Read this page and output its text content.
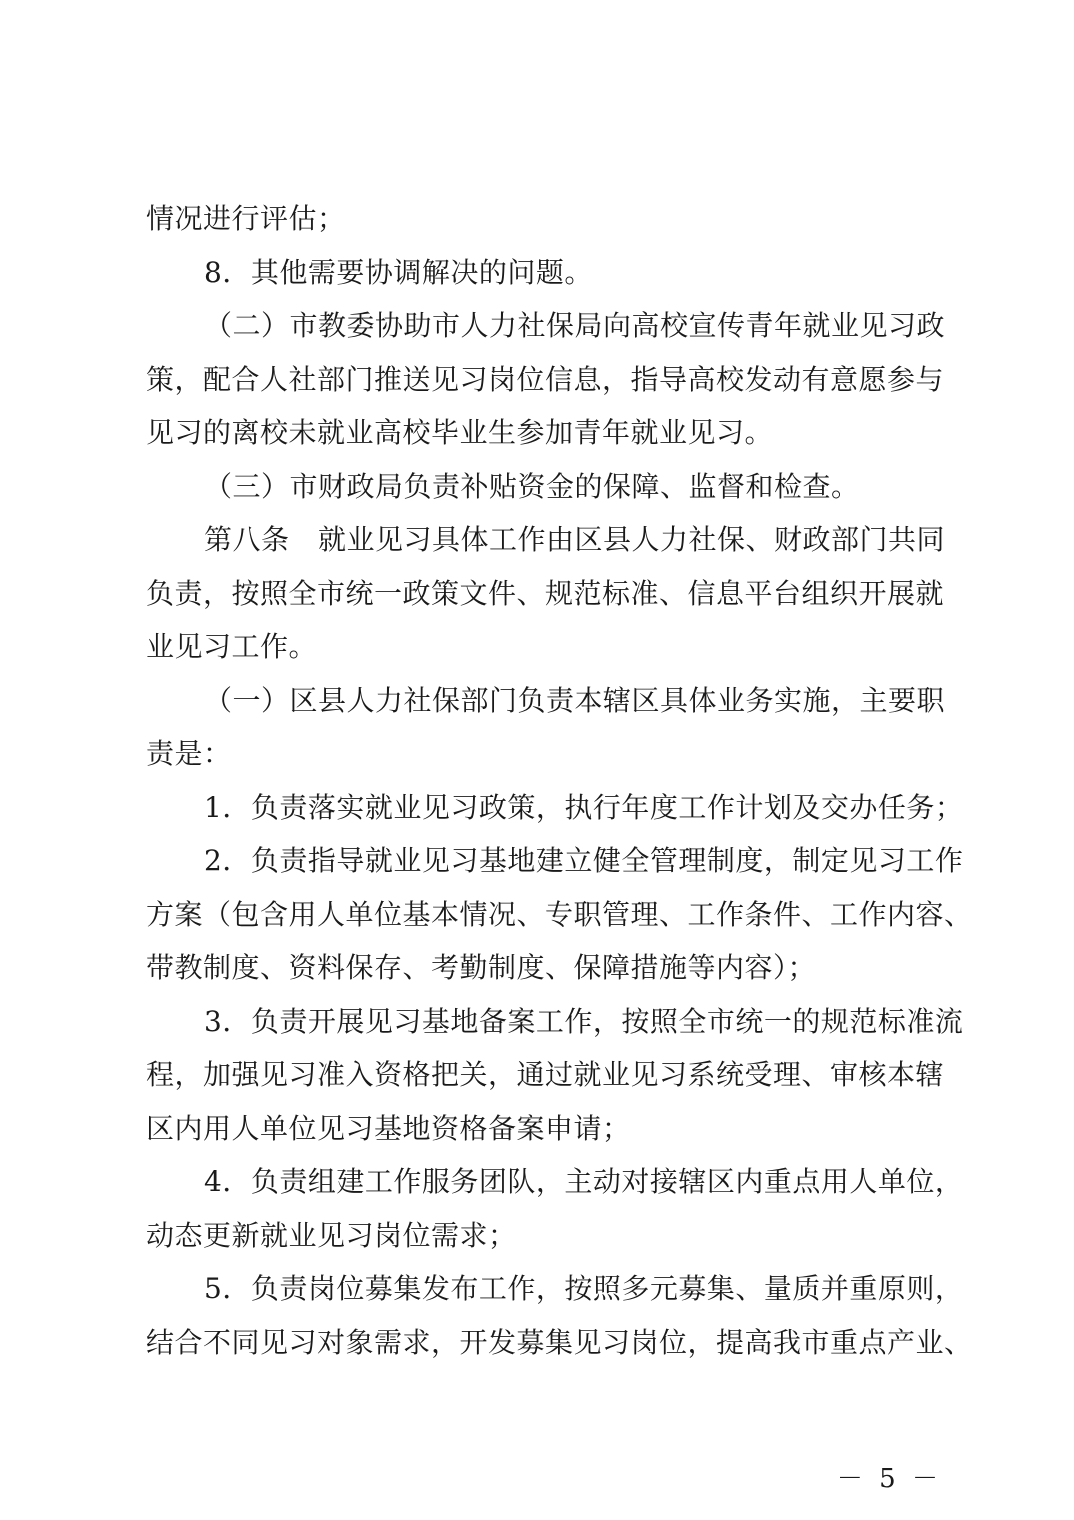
情况进行评估；
8．其他需要协调解决的问题。
（二）市教委协助市人力社保局向高校宣传青年就业见习政
策，配合人社部门推送见习岗位信息，指导高校发动有意愿参与
见习的离校未就业高校毕业生参加青年就业见习。
（三）市财政局负责补贴资金的保障、监督和检查。
第八条　就业见习具体工作由区县人力社保、财政部门共同
负责，按照全市统一政策文件、规范标准、信息平台组织开展就
业见习工作。
（一）区县人力社保部门负责本辖区具体业务实施，主要职
责是：
1．负责落实就业见习政策，执行年度工作计划及交办任务；
2．负责指导就业见习基地建立健全管理制度，制定见习工作
方案（包含用人单位基本情况、专职管理、工作条件、工作内容、
带教制度、资料保存、考勤制度、保障措施等内容）；
3．负责开展见习基地备案工作，按照全市统一的规范标准流
程，加强见习准入资格把关，通过就业见习系统受理、审核本辖
区内用人单位见习基地资格备案申请；
4．负责组建工作服务团队，主动对接辖区内重点用人单位，
动态更新就业见习岗位需求；
5．负责岗位募集发布工作，按照多元募集、量质并重原则，
结合不同见习对象需求，开发募集见习岗位，提高我市重点产业、
－ 5 －
